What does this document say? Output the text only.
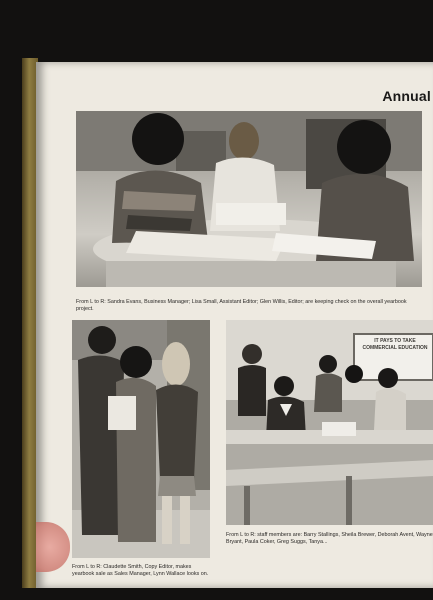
Annual

From L to R: Sandra Evans, Business Manager; Lisa Small, Assistant Editor; Glen Willis, Editor; are keeping check on the overall yearbook project.

From L to R: Claudette Smith, Copy Editor, makes yearbook sale as Sales Manager, Lynn Wallace looks on.

IT PAYS TO TAKE COMMERCIAL EDUCATION

From L to R: staff members are: Barry Stallings, Sheila Brewer, Deborah Avent, Wayne Bryant, Paula Coker, Greg Suggs, Tanya...
